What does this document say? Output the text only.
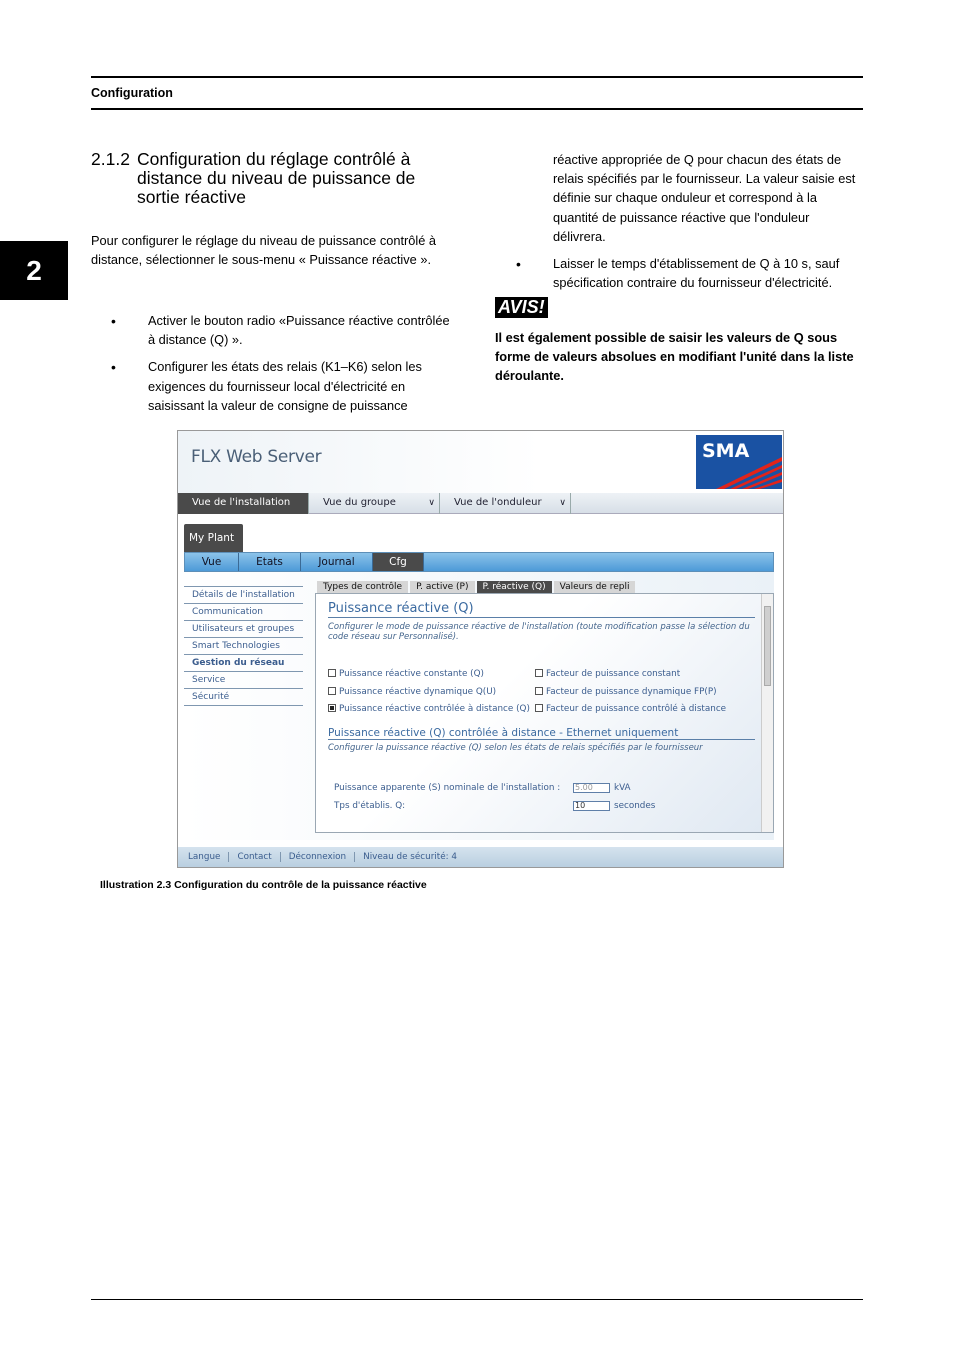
Configuration
2
2.1.2 Configuration du réglage contrôlé à distance du niveau de puissance de sortie réactive

Pour configurer le réglage du niveau de puissance contrôlé à distance, sélectionner le sous-menu « Puissance réactive ».

•	Activer le bouton radio «Puissance réactive contrôlée à distance (Q) ».
•	Configurer les états des relais (K1–K6) selon les exigences du fournisseur local d'électricité en saisissant la valeur de consigne de puissance

réactive appropriée de Q pour chacun des états de relais spécifiés par le fournisseur. La valeur saisie est définie sur chaque onduleur et correspond à la quantité de puissance réactive que l'onduleur délivrera.

•	Laisser le temps d'établissement de Q à 10 s, sauf spécification contraire du fournisseur d'électricité.
AVIS!

Il est également possible de saisir les valeurs de Q sous forme de valeurs absolues en modifiant l'unité dans la liste déroulante.

FLX Web Server	SMA
Vue de l'installation	Vue du groupe	∨	Vue de l'onduleur ∨
My Plant
Vue	Etats	Journal	Cfg
Détails de l'installation
Communication
Utilisateurs et groupes
Smart Technologies
Gestion du réseau
Service
Sécurité
Types de contrôle	P. active (P)	P. réactive (Q)	Valeurs de repli
Puissance réactive (Q)
Configurer le mode de puissance réactive de l'installation (toute modification passe la sélection du code réseau sur Personnalisé).
Puissance réactive constante (Q)	Facteur de puissance constant
Puissance réactive dynamique Q(U)	Facteur de puissance dynamique FP(P)
Puissance réactive contrôlée à distance (Q)	Facteur de puissance contrôlé à distance
Puissance réactive (Q) contrôlée à distance - Ethernet uniquement
Configurer la puissance réactive (Q) selon les états de relais spécifiés par le fournisseur
Puissance apparente (S) nominale de l'installation : 5.00	kVA
Tps d'établis. Q:	10	secondes
Langue	Contact	Déconnexion	Niveau de sécurité: 4
Illustration 2.3 Configuration du contrôle de la puissance réactive
